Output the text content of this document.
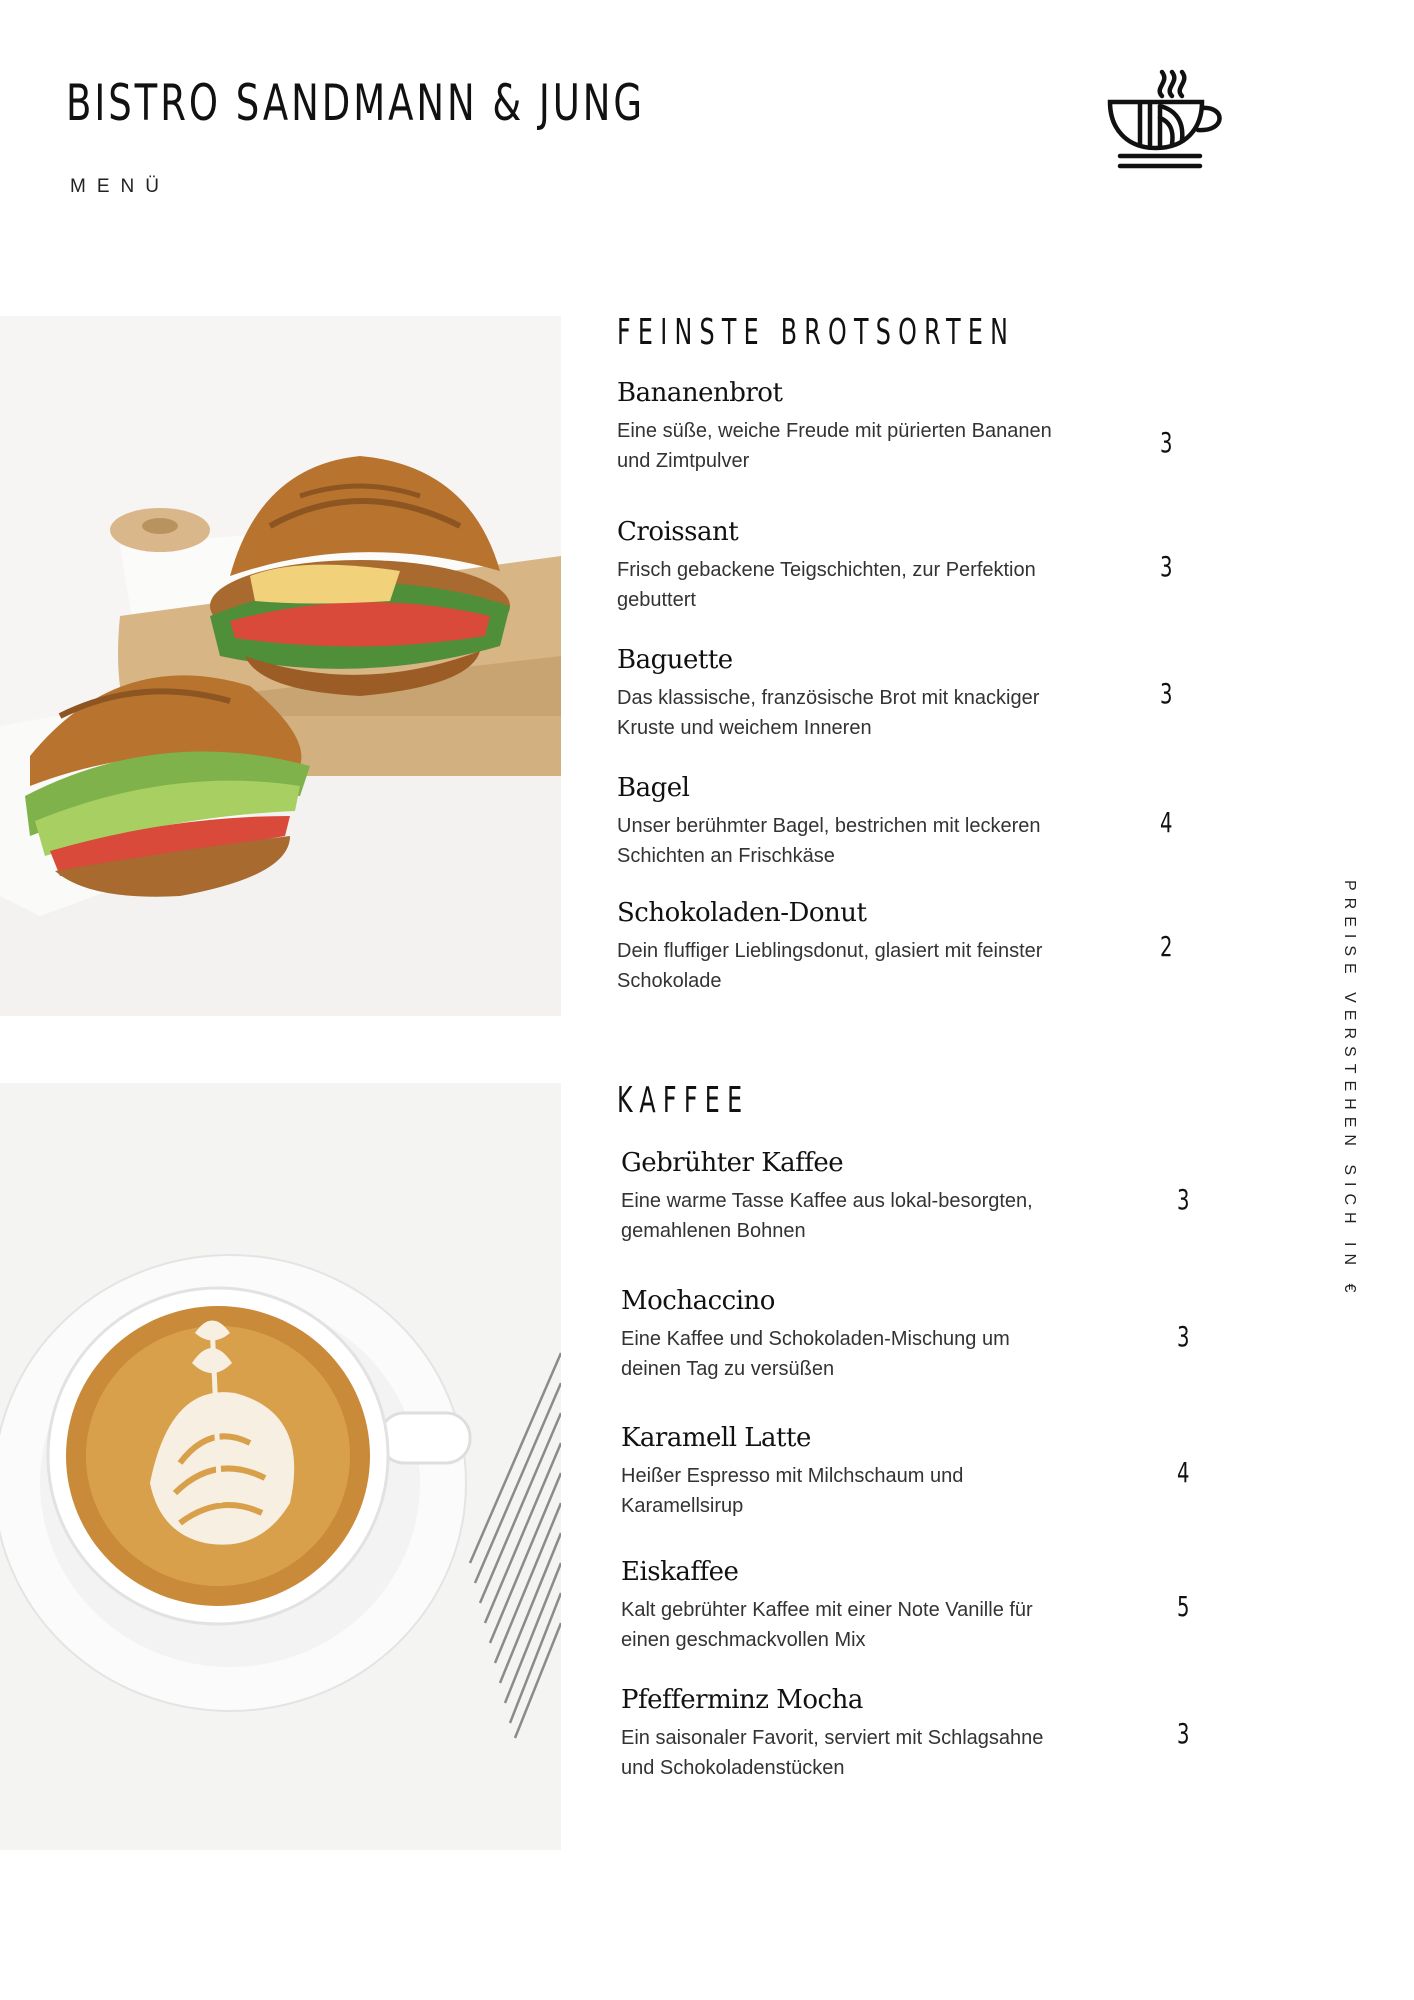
BISTRO SANDMANN & JUNG

MENÜ

FEINSTE BROTSORTEN

Bananenbrot

Eine süße, weiche Freude mit pürierten Bananen und Zimtpulver

3

Croissant

Frisch gebackene Teigschichten, zur Perfektion gebuttert

3

Baguette

Das klassische, französische Brot mit knackiger Kruste und weichem Inneren

3

Bagel

Unser berühmter Bagel, bestrichen mit leckeren Schichten an Frischkäse

4

Schokoladen-Donut

Dein fluffiger Lieblingsdonut, glasiert mit feinster Schokolade

2
KAFFEE

Gebrühter Kaffee

Eine warme Tasse Kaffee aus lokal-besorgten, gemahlenen Bohnen

3

Mochaccino

Eine Kaffee und Schokoladen-Mischung um deinen Tag zu versüßen

3

Karamell Latte

Heißer Espresso mit Milchschaum und Karamellsirup

4

Eiskaffee

Kalt gebrühter Kaffee mit einer Note Vanille für einen geschmackvollen Mix

5

Pfefferminz Mocha

Ein saisonaler Favorit, serviert mit Schlagsahne und Schokoladenstücken

3
PREISE VERSTEHEN SICH IN €
